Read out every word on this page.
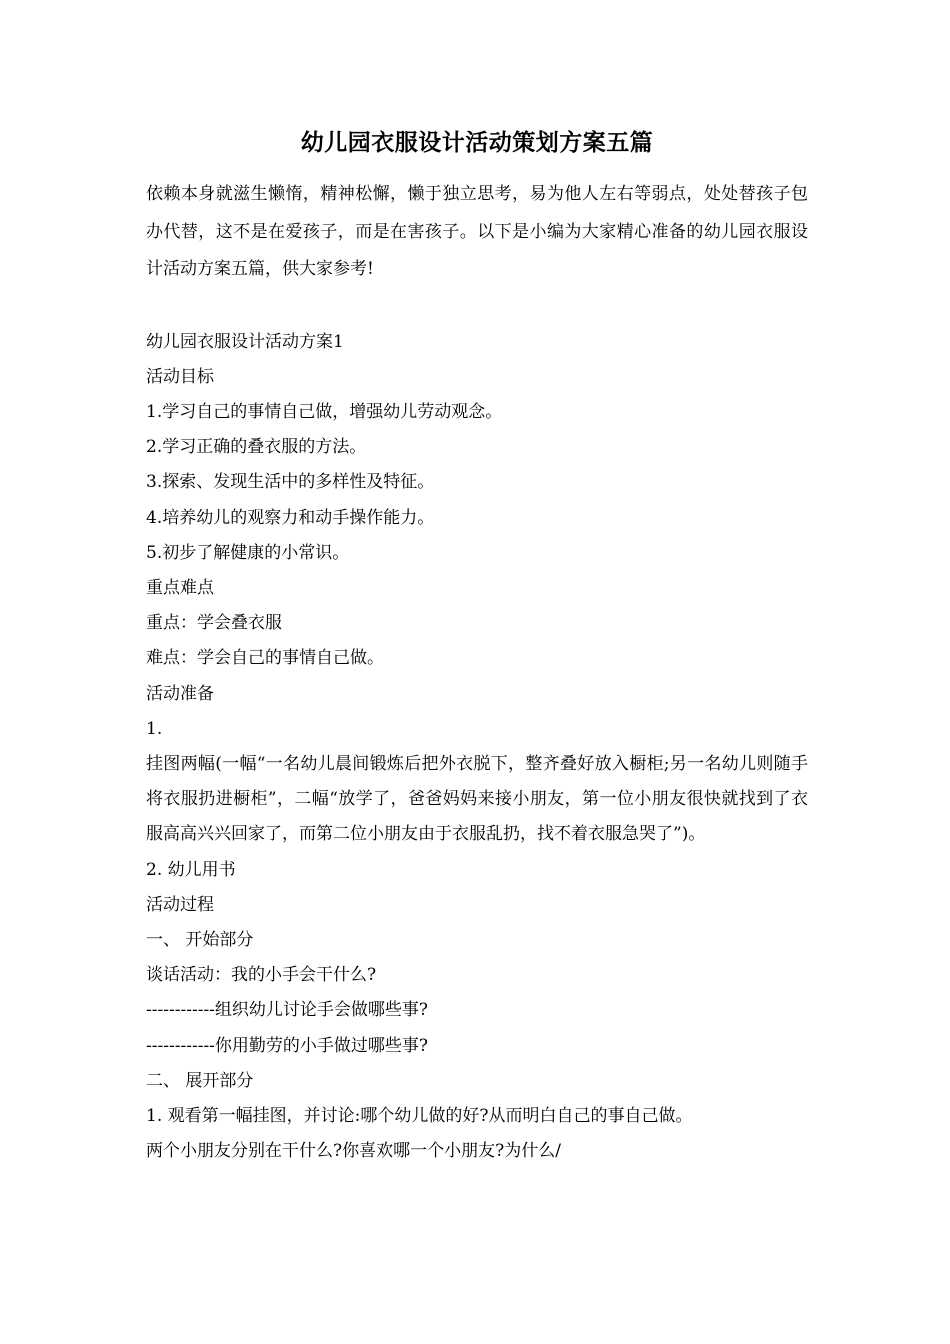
幼儿园衣服设计活动策划方案五篇

依赖本身就滋生懒惰，精神松懈，懒于独立思考，易为他人左右等弱点，处处替孩子包办代替，这不是在爱孩子，而是在害孩子。以下是小编为大家精心准备的幼儿园衣服设计活动方案五篇，供大家参考!

幼儿园衣服设计活动方案1

活动目标

1.学习自己的事情自己做，增强幼儿劳动观念。

2.学习正确的叠衣服的方法。

3.探索、发现生活中的多样性及特征。

4.培养幼儿的观察力和动手操作能力。

5.初步了解健康的小常识。

重点难点

重点：学会叠衣服

难点：学会自己的事情自己做。

活动准备

1.

挂图两幅(一幅“一名幼儿晨间锻炼后把外衣脱下，整齐叠好放入橱柜;另一名幼儿则随手将衣服扔进橱柜”，二幅“放学了，爸爸妈妈来接小朋友，第一位小朋友很快就找到了衣服高高兴兴回家了，而第二位小朋友由于衣服乱扔，找不着衣服急哭了”)。

2. 幼儿用书

活动过程

一、 开始部分

谈话活动：我的小手会干什么?

------------组织幼儿讨论手会做哪些事?

------------你用勤劳的小手做过哪些事?

二、 展开部分

1. 观看第一幅挂图，并讨论:哪个幼儿做的好?从而明白自己的事自己做。

两个小朋友分别在干什么?你喜欢哪一个小朋友?为什么/
